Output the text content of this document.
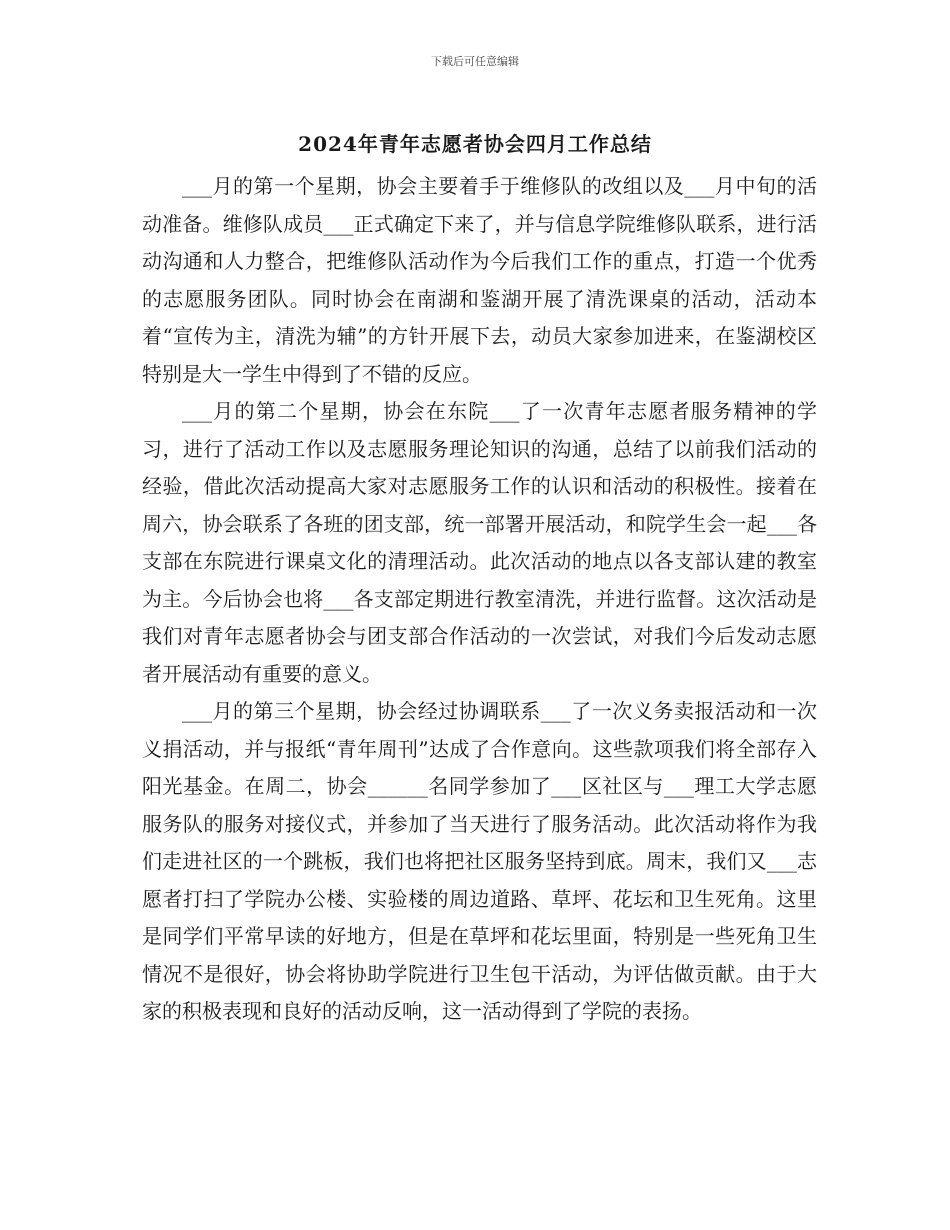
下载后可任意编辑
2024年青年志愿者协会四月工作总结

___月的第一个星期，协会主要着手于维修队的改组以及___月中旬的活动准备。维修队成员___正式确定下来了，并与信息学院维修队联系，进行活动沟通和人力整合，把维修队活动作为今后我们工作的重点，打造一个优秀的志愿服务团队。同时协会在南湖和鉴湖开展了清洗课桌的活动，活动本着“宣传为主，清洗为辅”的方针开展下去，动员大家参加进来，在鉴湖校区特别是大一学生中得到了不错的反应。

___月的第二个星期，协会在东院___了一次青年志愿者服务精神的学习，进行了活动工作以及志愿服务理论知识的沟通，总结了以前我们活动的经验，借此次活动提高大家对志愿服务工作的认识和活动的积极性。接着在周六，协会联系了各班的团支部，统一部署开展活动，和院学生会一起___各支部在东院进行课桌文化的清理活动。此次活动的地点以各支部认建的教室为主。今后协会也将___各支部定期进行教室清洗，并进行监督。这次活动是我们对青年志愿者协会与团支部合作活动的一次尝试，对我们今后发动志愿者开展活动有重要的意义。

___月的第三个星期，协会经过协调联系___了一次义务卖报活动和一次义捐活动，并与报纸“青年周刊”达成了合作意向。这些款项我们将全部存入阳光基金。在周二，协会______名同学参加了___区社区与___理工大学志愿服务队的服务对接仪式，并参加了当天进行了服务活动。此次活动将作为我们走进社区的一个跳板，我们也将把社区服务坚持到底。周末，我们又___志愿者打扫了学院办公楼、实验楼的周边道路、草坪、花坛和卫生死角。这里是同学们平常早读的好地方，但是在草坪和花坛里面，特别是一些死角卫生情况不是很好，协会将协助学院进行卫生包干活动，为评估做贡献。由于大家的积极表现和良好的活动反响，这一活动得到了学院的表扬。
